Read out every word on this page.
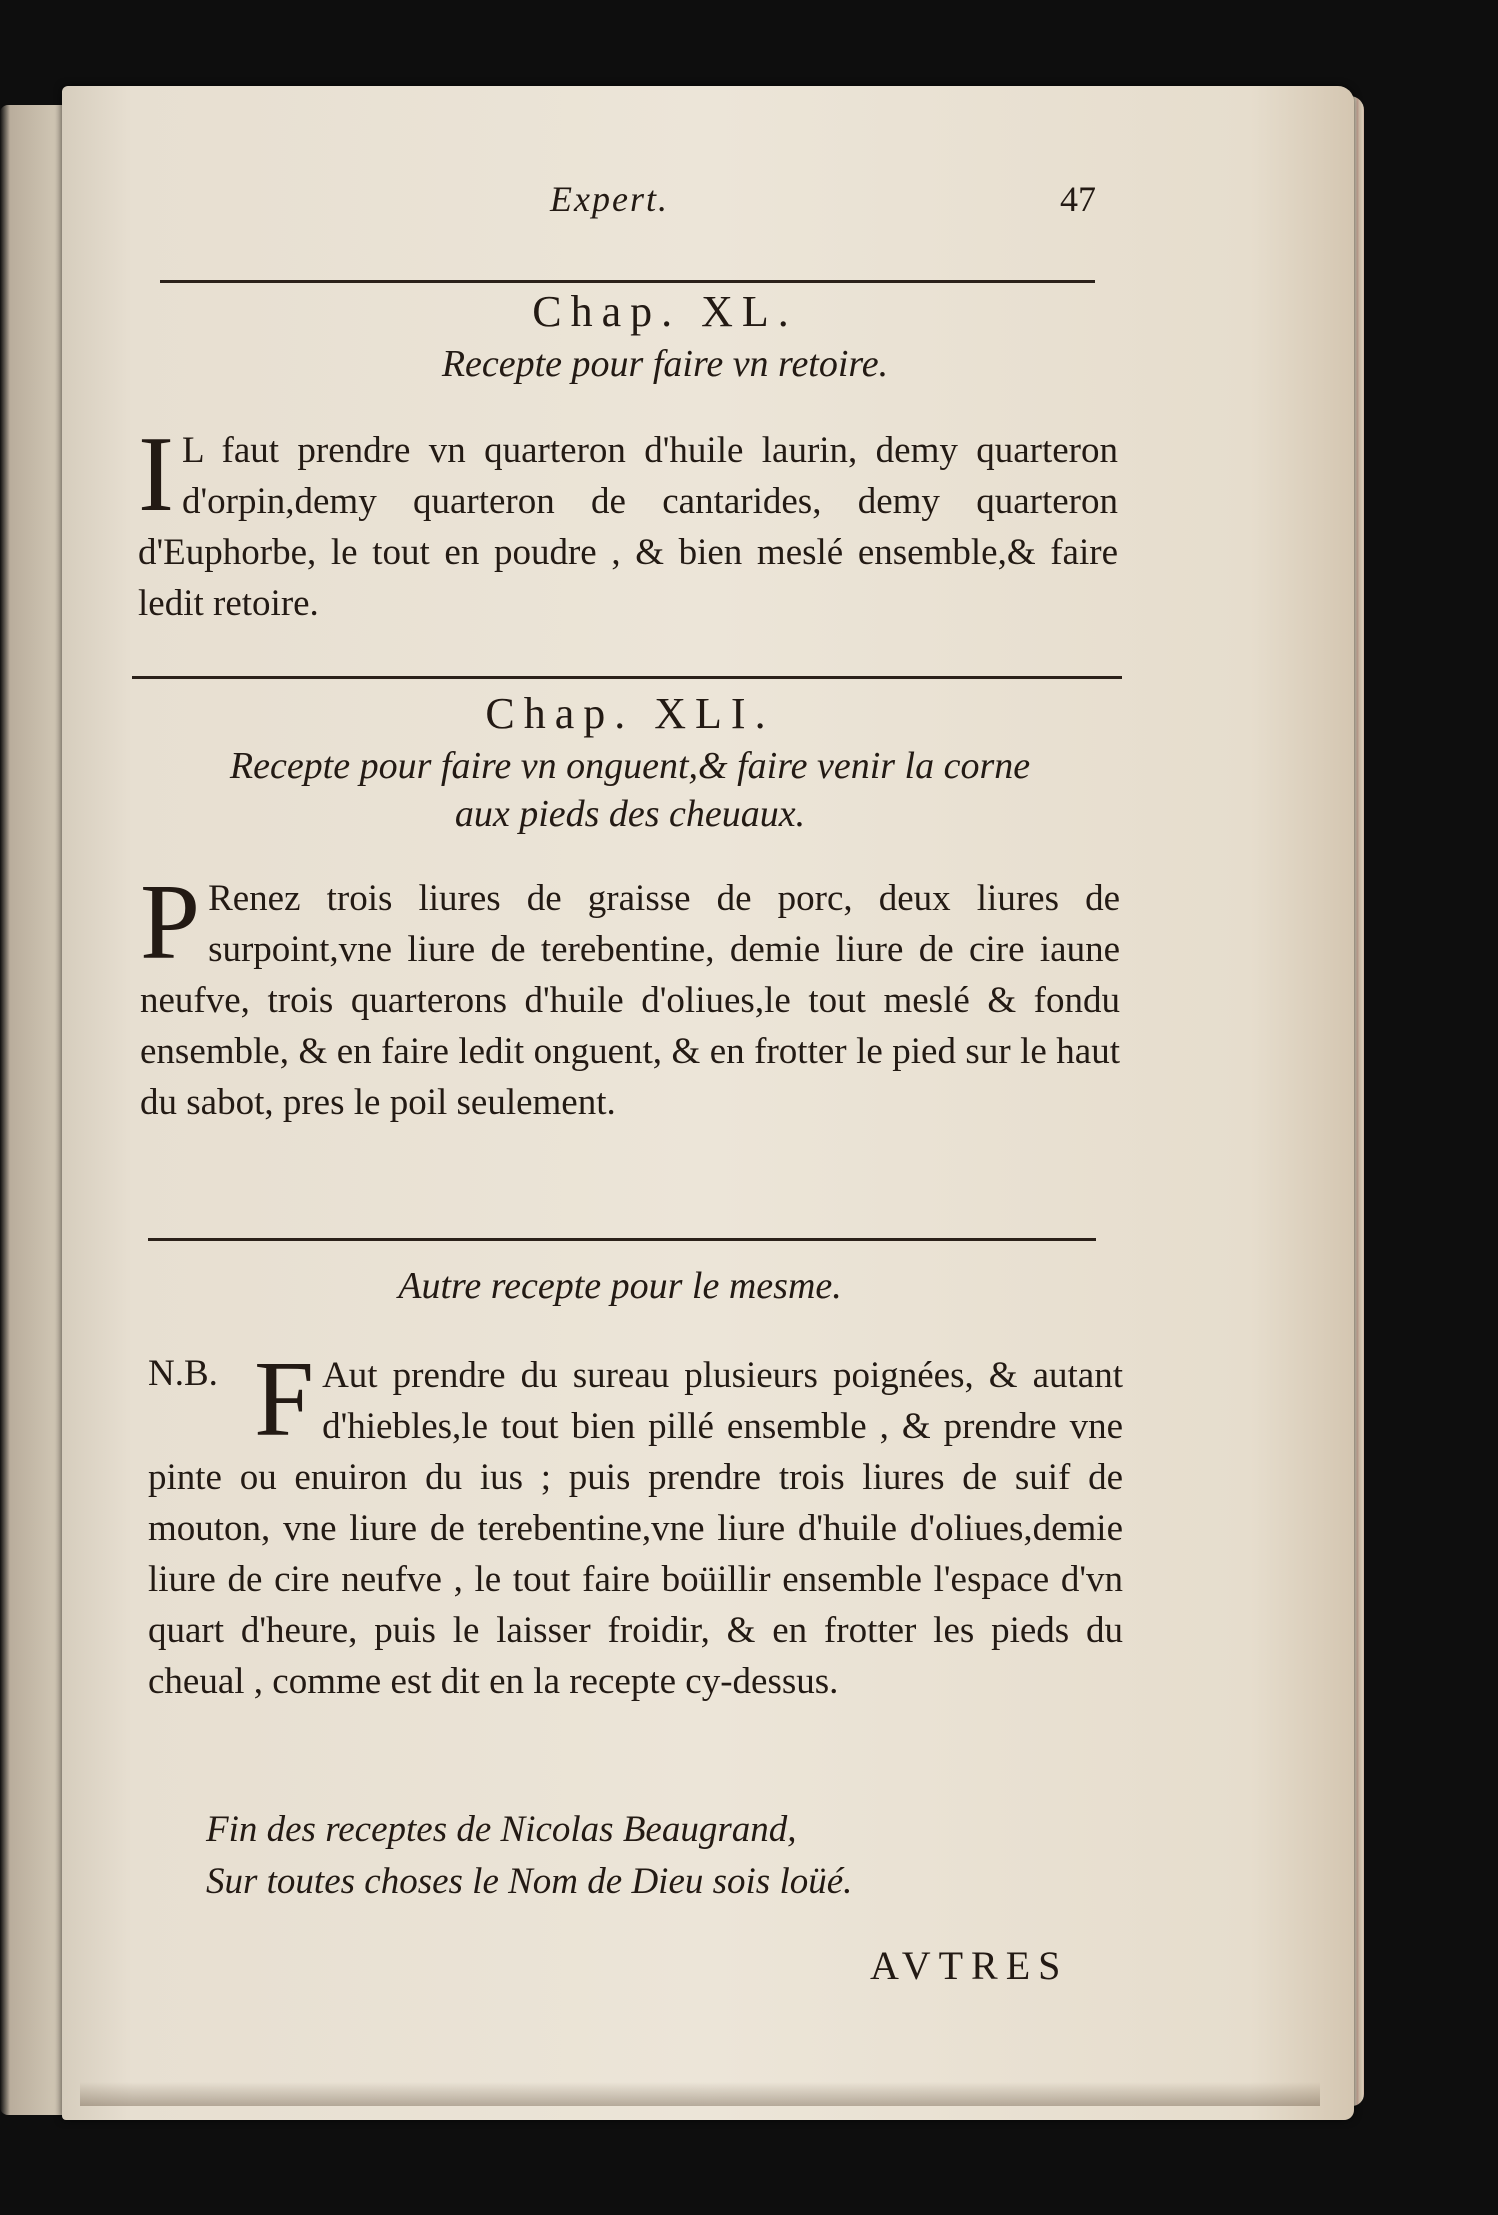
Expert.	47
Chap. XL.
Recepte pour faire vn retoire.
I L faut prendre vn quarteron d'huile laurin, demy quarteron d'orpin,demy quarteron de cantarides, demy quarteron d'Euphorbe, le tout en poudre , & bien meslé ensemble,& faire ledit retoire.
Chap. XLI.
Recepte pour faire vn onguent,& faire venir la corne
aux pieds des cheuaux.
P Renez trois liures de graisse de porc, deux liures de surpoint,vne liure de terebentine, demie liure de cire iaune neufve, trois quarterons d'huile d'oliues,le tout meslé & fondu ensemble, & en faire ledit onguent, & en frotter le pied sur le haut du sabot, pres le poil seulement.
Autre recepte pour le mesme.
N.B. F Aut prendre du sureau plusieurs poignées, & autant d'hiebles,le tout bien pillé ensemble , & prendre vne pinte ou enuiron du ius ; puis prendre trois liures de suif de mouton, vne liure de terebentine,vne liure d'huile d'oliues,demie liure de cire neufve , le tout faire boüillir ensemble l'espace d'vn quart d'heure, puis le laisser froidir, & en frotter les pieds du cheual , comme est dit en la recepte cy-dessus.
Fin des receptes de Nicolas Beaugrand,
Sur toutes choses le Nom de Dieu sois loüé.
AVTRES
